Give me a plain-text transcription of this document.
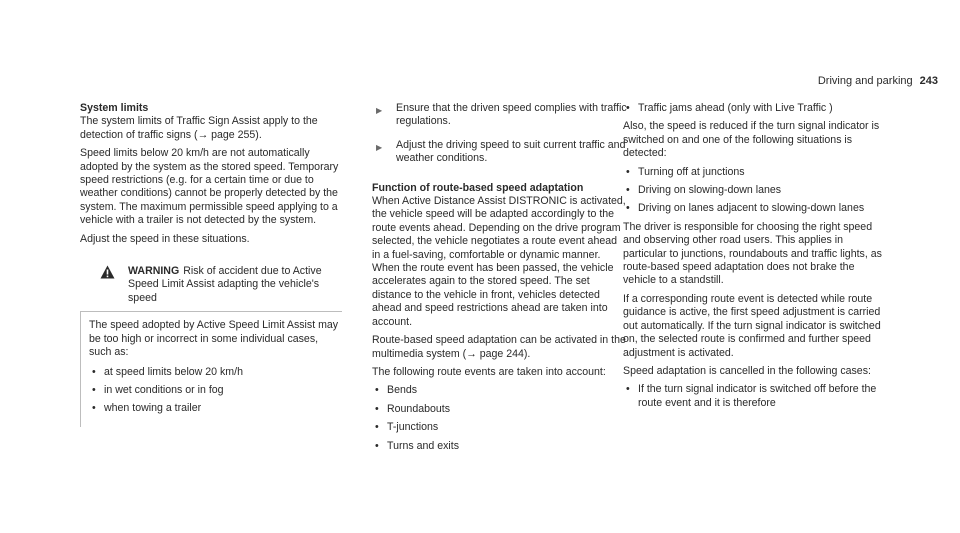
Driving and parking 243

System limits

The system limits of Traffic Sign Assist apply to the detection of traffic signs (→ page 255).

Speed limits below 20 km/h are not automatically adopted by the system as the stored speed. Temporary speed restrictions (e.g. for a certain time or due to weather conditions) cannot be properly detected by the system. The maximum permissible speed applying to a vehicle with a trailer is not detected by the system.

Adjust the speed in these situations.

WARNING Risk of accident due to Active Speed Limit Assist adapting the vehicle's speed

The speed adopted by Active Speed Limit Assist may be too high or incorrect in some individual cases, such as:

• at speed limits below 20 km/h
• in wet conditions or in fog
• when towing a trailer
▶ Ensure that the driven speed complies with traffic regulations.
▶ Adjust the driving speed to suit current traffic and weather conditions.

Function of route-based speed adaptation

When Active Distance Assist DISTRONIC is activated, the vehicle speed will be adapted accordingly to the route events ahead. Depending on the drive program selected, the vehicle negotiates a route event ahead in a fuel-saving, comfortable or dynamic manner. When the route event has been passed, the vehicle accelerates again to the stored speed. The set distance to the vehicle in front, vehicles detected ahead and speed restrictions ahead are taken into account.

Route-based speed adaptation can be activated in the multimedia system (→ page 244).

The following route events are taken into account:

• Bends
• Roundabouts
• T-junctions
• Turns and exits
• Traffic jams ahead (only with Live Traffic )

Also, the speed is reduced if the turn signal indicator is switched on and one of the following situations is detected:

• Turning off at junctions
• Driving on slowing-down lanes
• Driving on lanes adjacent to slowing-down lanes

The driver is responsible for choosing the right speed and observing other road users. This applies in particular to junctions, roundabouts and traffic lights, as route-based speed adaptation does not brake the vehicle to a standstill.

If a corresponding route event is detected while route guidance is active, the first speed adjustment is carried out automatically. If the turn signal indicator is switched on, the selected route is confirmed and further speed adjustment is activated.

Speed adaptation is cancelled in the following cases:

• If the turn signal indicator is switched off before the route event and it is therefore
